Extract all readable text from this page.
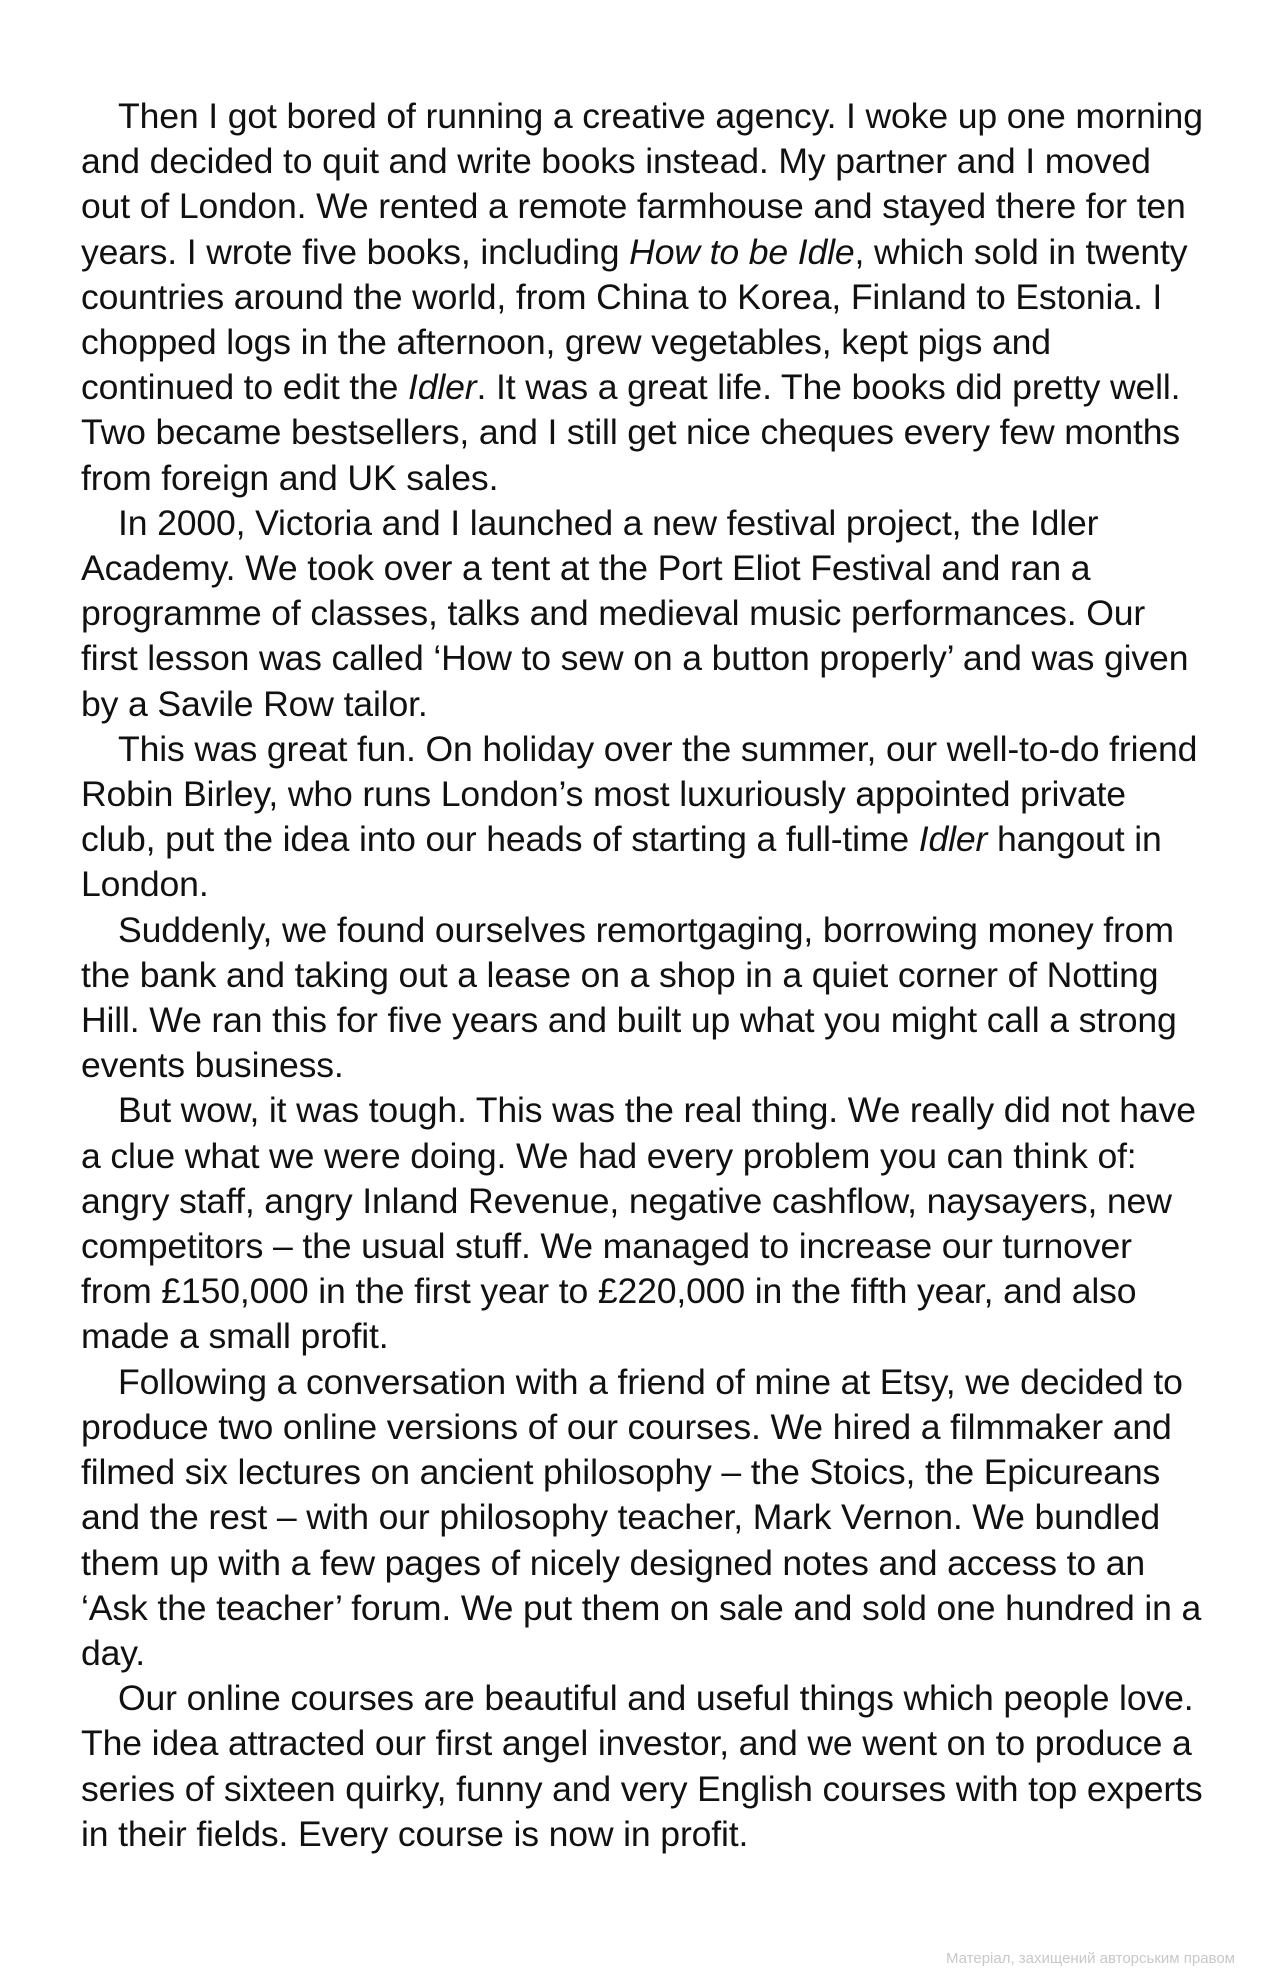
Then I got bored of running a creative agency. I woke up one morning and decided to quit and write books instead. My partner and I moved out of London. We rented a remote farmhouse and stayed there for ten years. I wrote five books, including How to be Idle, which sold in twenty countries around the world, from China to Korea, Finland to Estonia. I chopped logs in the afternoon, grew vegetables, kept pigs and continued to edit the Idler. It was a great life. The books did pretty well. Two became bestsellers, and I still get nice cheques every few months from foreign and UK sales.

In 2000, Victoria and I launched a new festival project, the Idler Academy. We took over a tent at the Port Eliot Festival and ran a programme of classes, talks and medieval music performances. Our first lesson was called ‘How to sew on a button properly’ and was given by a Savile Row tailor.

This was great fun. On holiday over the summer, our well-to-do friend Robin Birley, who runs London’s most luxuriously appointed private club, put the idea into our heads of starting a full-time Idler hangout in London.

Suddenly, we found ourselves remortgaging, borrowing money from the bank and taking out a lease on a shop in a quiet corner of Notting Hill. We ran this for five years and built up what you might call a strong events business.

But wow, it was tough. This was the real thing. We really did not have a clue what we were doing. We had every problem you can think of: angry staff, angry Inland Revenue, negative cashflow, naysayers, new competitors – the usual stuff. We managed to increase our turnover from £150,000 in the first year to £220,000 in the fifth year, and also made a small profit.

Following a conversation with a friend of mine at Etsy, we decided to produce two online versions of our courses. We hired a filmmaker and filmed six lectures on ancient philosophy – the Stoics, the Epicureans and the rest – with our philosophy teacher, Mark Vernon. We bundled them up with a few pages of nicely designed notes and access to an ‘Ask the teacher’ forum. We put them on sale and sold one hundred in a day.

Our online courses are beautiful and useful things which people love. The idea attracted our first angel investor, and we went on to produce a series of sixteen quirky, funny and very English courses with top experts in their fields. Every course is now in profit.

Матеріал, захищений авторським правом
